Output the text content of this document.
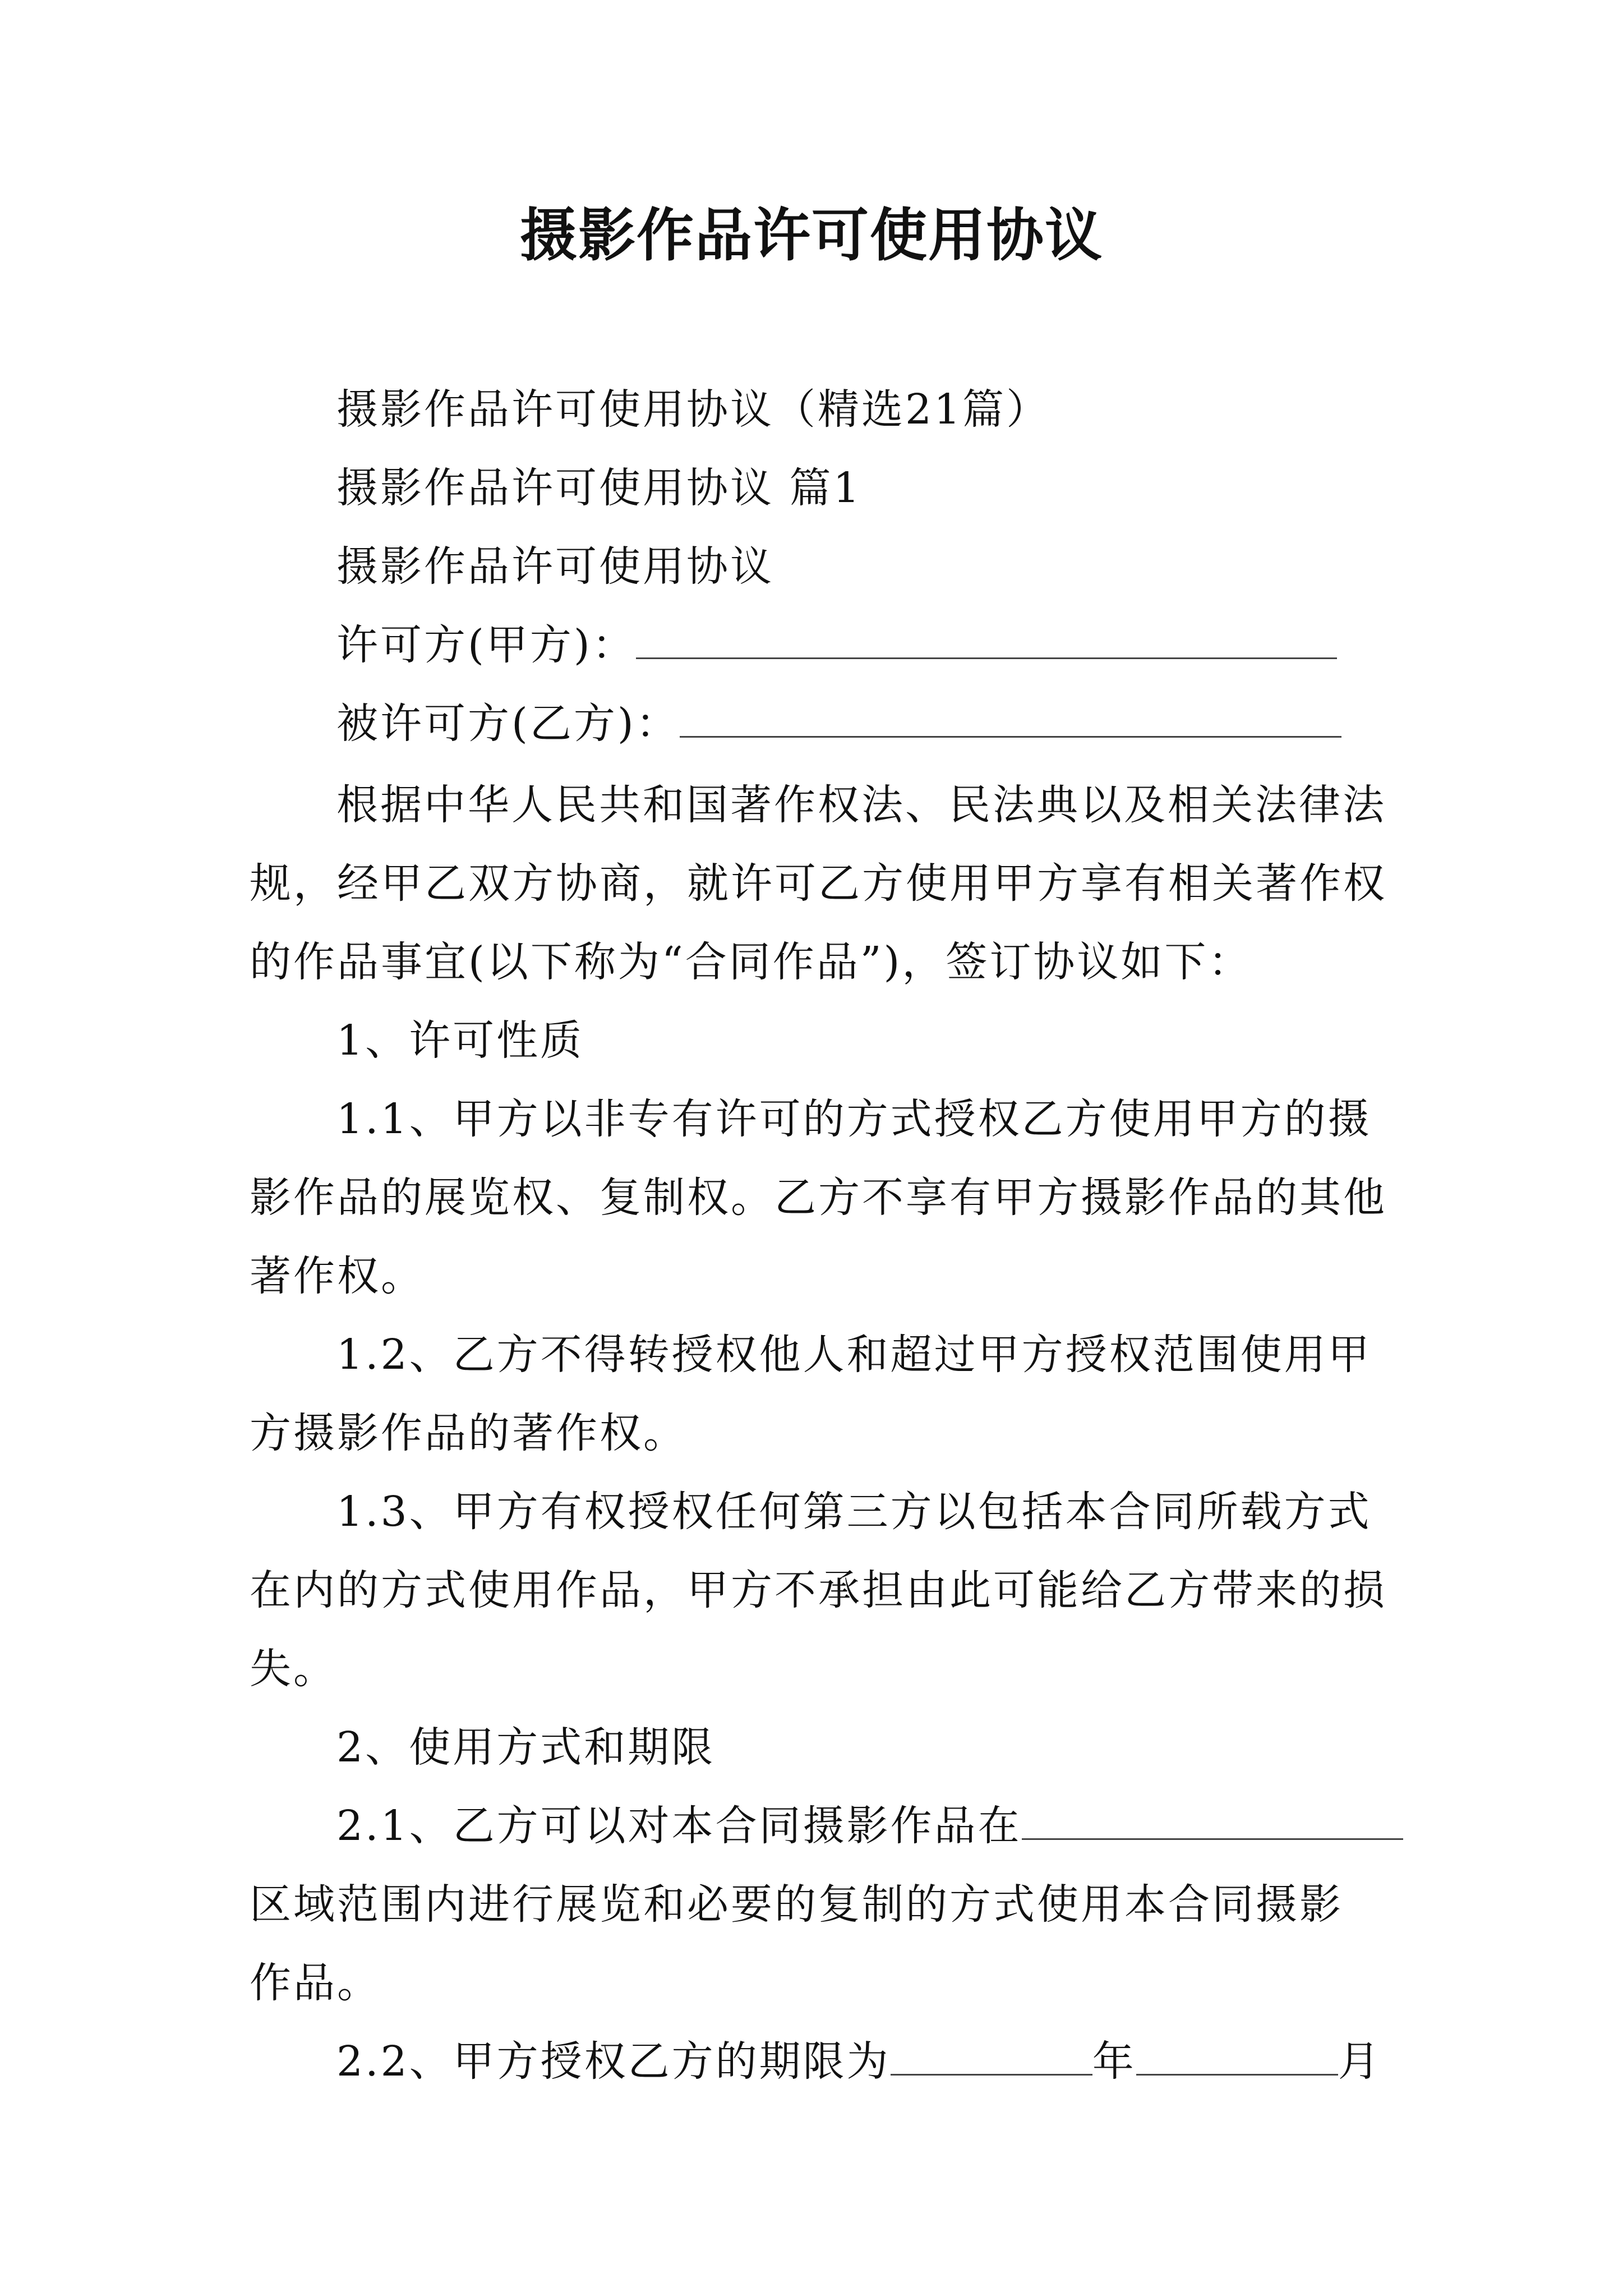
摄影作品许可使用协议
摄影作品许可使用协议（精选21篇）
摄影作品许可使用协议 篇1
摄影作品许可使用协议
许可方(甲方)：
被许可方(乙方)：
根据中华人民共和国著作权法、民法典以及相关法律法
规，经甲乙双方协商，就许可乙方使用甲方享有相关著作权
的作品事宜(以下称为“合同作品”)，签订协议如下：
1、许可性质
1.1、甲方以非专有许可的方式授权乙方使用甲方的摄
影作品的展览权、复制权。乙方不享有甲方摄影作品的其他
著作权。
1.2、乙方不得转授权他人和超过甲方授权范围使用甲
方摄影作品的著作权。
1.3、甲方有权授权任何第三方以包括本合同所载方式
在内的方式使用作品，甲方不承担由此可能给乙方带来的损
失。
2、使用方式和期限
2.1、乙方可以对本合同摄影作品在
区域范围内进行展览和必要的复制的方式使用本合同摄影
作品。
2.2、甲方授权乙方的期限为	年	月
